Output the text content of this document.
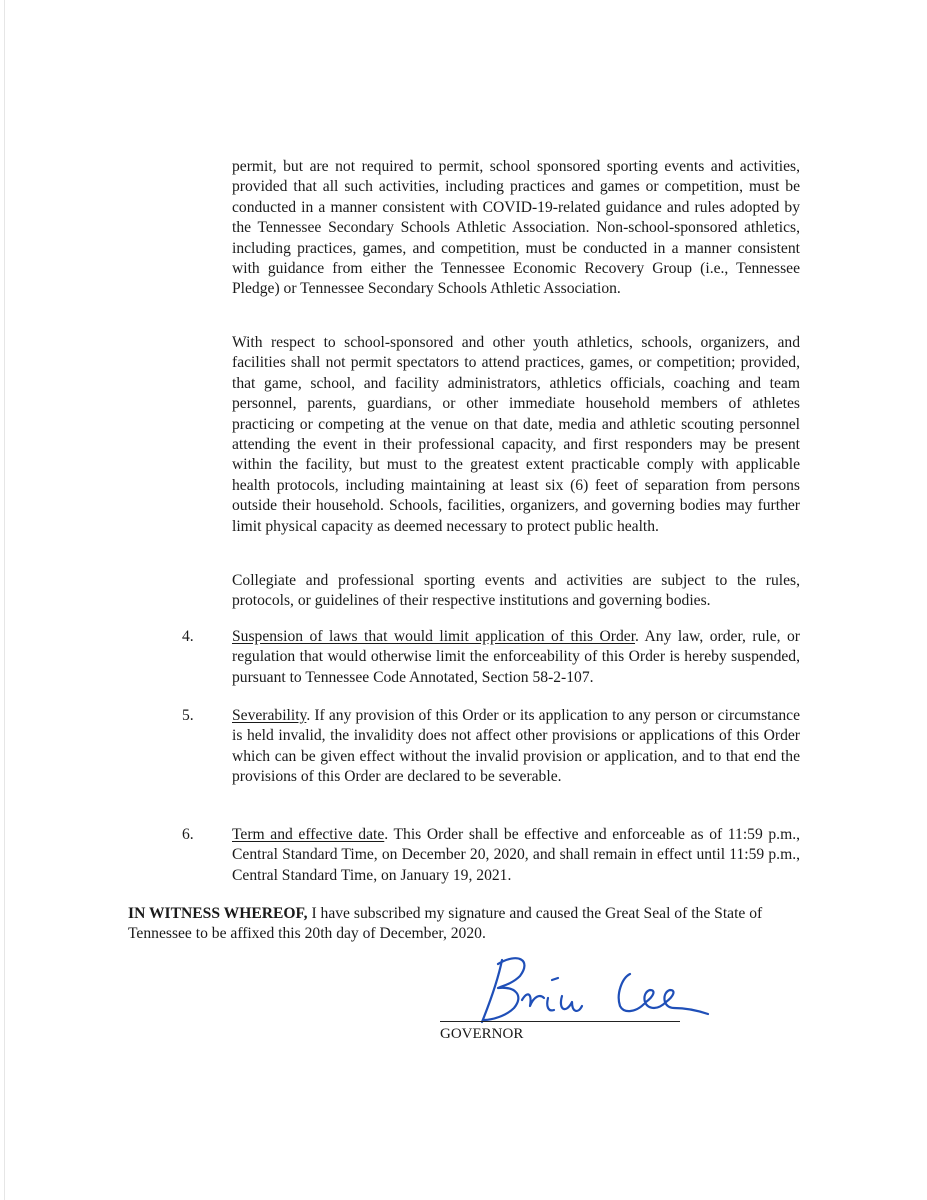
permit, but are not required to permit, school sponsored sporting events and activities, provided that all such activities, including practices and games or competition, must be conducted in a manner consistent with COVID-19-related guidance and rules adopted by the Tennessee Secondary Schools Athletic Association. Non-school-sponsored athletics, including practices, games, and competition, must be conducted in a manner consistent with guidance from either the Tennessee Economic Recovery Group (i.e., Tennessee Pledge) or Tennessee Secondary Schools Athletic Association.

With respect to school-sponsored and other youth athletics, schools, organizers, and facilities shall not permit spectators to attend practices, games, or competition; provided, that game, school, and facility administrators, athletics officials, coaching and team personnel, parents, guardians, or other immediate household members of athletes practicing or competing at the venue on that date, media and athletic scouting personnel attending the event in their professional capacity, and first responders may be present within the facility, but must to the greatest extent practicable comply with applicable health protocols, including maintaining at least six (6) feet of separation from persons outside their household. Schools, facilities, organizers, and governing bodies may further limit physical capacity as deemed necessary to protect public health.

Collegiate and professional sporting events and activities are subject to the rules, protocols, or guidelines of their respective institutions and governing bodies.

4. Suspension of laws that would limit application of this Order. Any law, order, rule, or regulation that would otherwise limit the enforceability of this Order is hereby suspended, pursuant to Tennessee Code Annotated, Section 58-2-107.

5. Severability. If any provision of this Order or its application to any person or circumstance is held invalid, the invalidity does not affect other provisions or applications of this Order which can be given effect without the invalid provision or application, and to that end the provisions of this Order are declared to be severable.

6. Term and effective date. This Order shall be effective and enforceable as of 11:59 p.m., Central Standard Time, on December 20, 2020, and shall remain in effect until 11:59 p.m., Central Standard Time, on January 19, 2021.

IN WITNESS WHEREOF, I have subscribed my signature and caused the Great Seal of the State of Tennessee to be affixed this 20th day of December, 2020.

GOVERNOR
